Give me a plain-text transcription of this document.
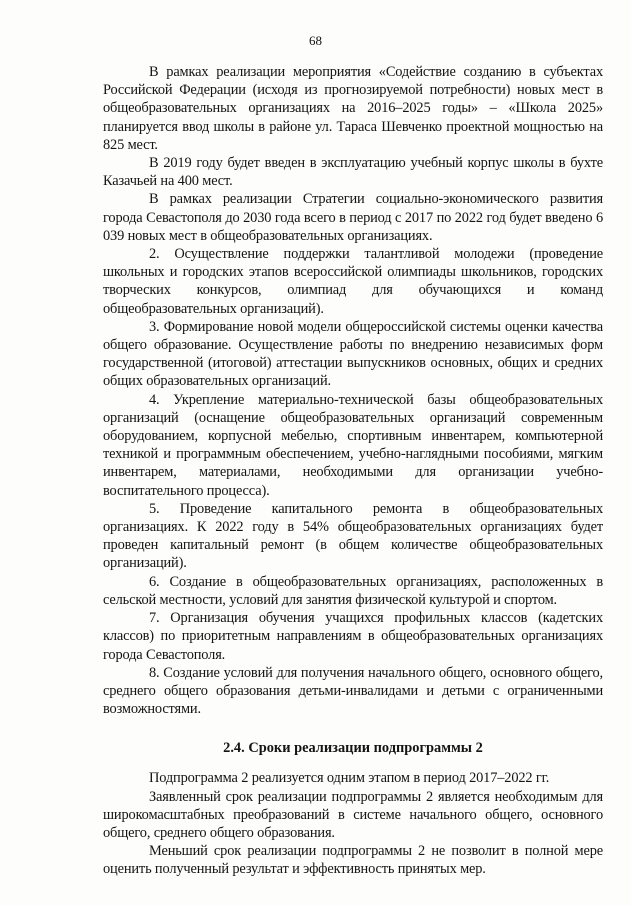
68

В рамках реализации мероприятия «Содействие созданию в субъектах Российской Федерации (исходя из прогнозируемой потребности) новых мест в общеобразовательных организациях на 2016–2025 годы» – «Школа 2025» планируется ввод школы в районе ул. Тараса Шевченко проектной мощностью на 825 мест.

В 2019 году будет введен в эксплуатацию учебный корпус школы в бухте Казачьей на 400 мест.

В рамках реализации Стратегии социально-экономического развития города Севастополя до 2030 года всего в период с 2017 по 2022 год будет введено 6 039 новых мест в общеобразовательных организациях.

2. Осуществление поддержки талантливой молодежи (проведение школьных и городских этапов всероссийской олимпиады школьников, городских творческих конкурсов, олимпиад для обучающихся и команд общеобразовательных организаций).

3. Формирование новой модели общероссийской системы оценки качества общего образование. Осуществление работы по внедрению независимых форм государственной (итоговой) аттестации выпускников основных, общих и средних общих образовательных организаций.

4. Укрепление материально-технической базы общеобразовательных организаций (оснащение общеобразовательных организаций современным оборудованием, корпусной мебелью, спортивным инвентарем, компьютерной техникой и программным обеспечением, учебно-наглядными пособиями, мягким инвентарем, материалами, необходимыми для организации учебно-воспитательного процесса).

5. Проведение капитального ремонта в общеобразовательных организациях. К 2022 году в 54% общеобразовательных организациях будет проведен капитальный ремонт (в общем количестве общеобразовательных организаций).

6. Создание в общеобразовательных организациях, расположенных в сельской местности, условий для занятия физической культурой и спортом.

7. Организация обучения учащихся профильных классов (кадетских классов) по приоритетным направлениям в общеобразовательных организациях города Севастополя.

8. Создание условий для получения начального общего, основного общего, среднего общего образования детьми-инвалидами и детьми с ограниченными возможностями.

2.4. Сроки реализации подпрограммы 2

Подпрограмма 2 реализуется одним этапом в период 2017–2022 гг.

Заявленный срок реализации подпрограммы 2 является необходимым для широкомасштабных преобразований в системе начального общего, основного общего, среднего общего образования.

Меньший срок реализации подпрограммы 2 не позволит в полной мере оценить полученный результат и эффективность принятых мер.
